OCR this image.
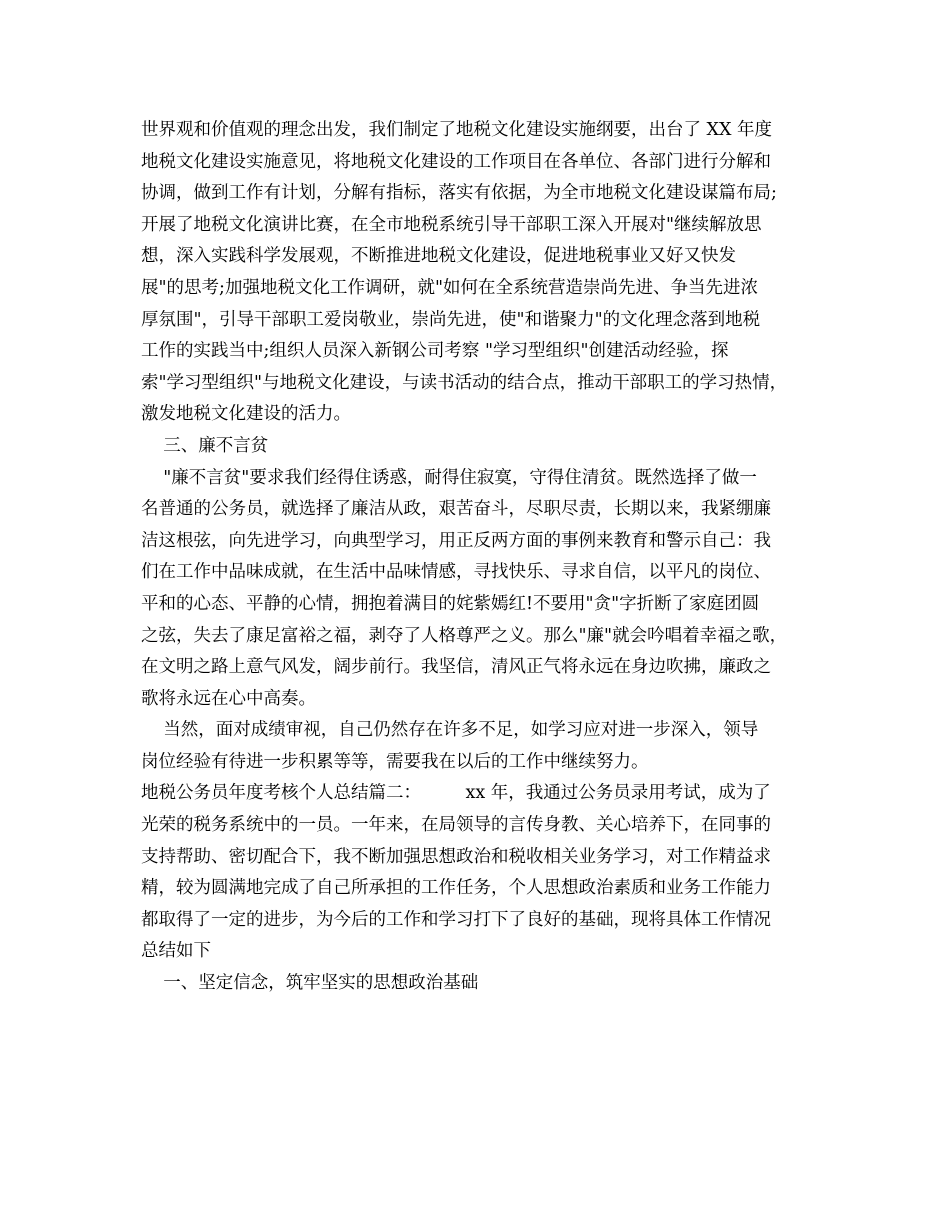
世界观和价值观的理念出发，我们制定了地税文化建设实施纲要，出台了 XX 年度
地税文化建设实施意见，将地税文化建设的工作项目在各单位、各部门进行分解和
协调，做到工作有计划，分解有指标，落实有依据，为全市地税文化建设谋篇布局;
开展了地税文化演讲比赛，在全市地税系统引导干部职工深入开展对"继续解放思
想，深入实践科学发展观，不断推进地税文化建设，促进地税事业又好又快发
展"的思考;加强地税文化工作调研，就"如何在全系统营造崇尚先进、争当先进浓
厚氛围"，引导干部职工爱岗敬业，崇尚先进，使"和谐聚力"的文化理念落到地税
工作的实践当中;组织人员深入新钢公司考察 "学习型组织"创建活动经验，探
索"学习型组织"与地税文化建设，与读书活动的结合点，推动干部职工的学习热情，
激发地税文化建设的活力。
三、廉不言贫
"廉不言贫"要求我们经得住诱惑，耐得住寂寞，守得住清贫。既然选择了做一
名普通的公务员，就选择了廉洁从政，艰苦奋斗，尽职尽责，长期以来，我紧绷廉
洁这根弦，向先进学习，向典型学习，用正反两方面的事例来教育和警示自己：我
们在工作中品味成就，在生活中品味情感，寻找快乐、寻求自信，以平凡的岗位、
平和的心态、平静的心情，拥抱着满目的姹紫嫣红!不要用"贪"字折断了家庭团圆
之弦，失去了康足富裕之福，剥夺了人格尊严之义。那么"廉"就会吟唱着幸福之歌，
在文明之路上意气风发，阔步前行。我坚信，清风正气将永远在身边吹拂，廉政之
歌将永远在心中高奏。
当然，面对成绩审视，自己仍然存在许多不足，如学习应对进一步深入，领导
岗位经验有待进一步积累等等，需要我在以后的工作中继续努力。
地税公务员年度考核个人总结篇二：        xx 年，我通过公务员录用考试，成为了
光荣的税务系统中的一员。一年来，在局领导的言传身教、关心培养下，在同事的
支持帮助、密切配合下，我不断加强思想政治和税收相关业务学习，对工作精益求
精，较为圆满地完成了自己所承担的工作任务，个人思想政治素质和业务工作能力
都取得了一定的进步，为今后的工作和学习打下了良好的基础，现将具体工作情况
总结如下
一、坚定信念，筑牢坚实的思想政治基础
